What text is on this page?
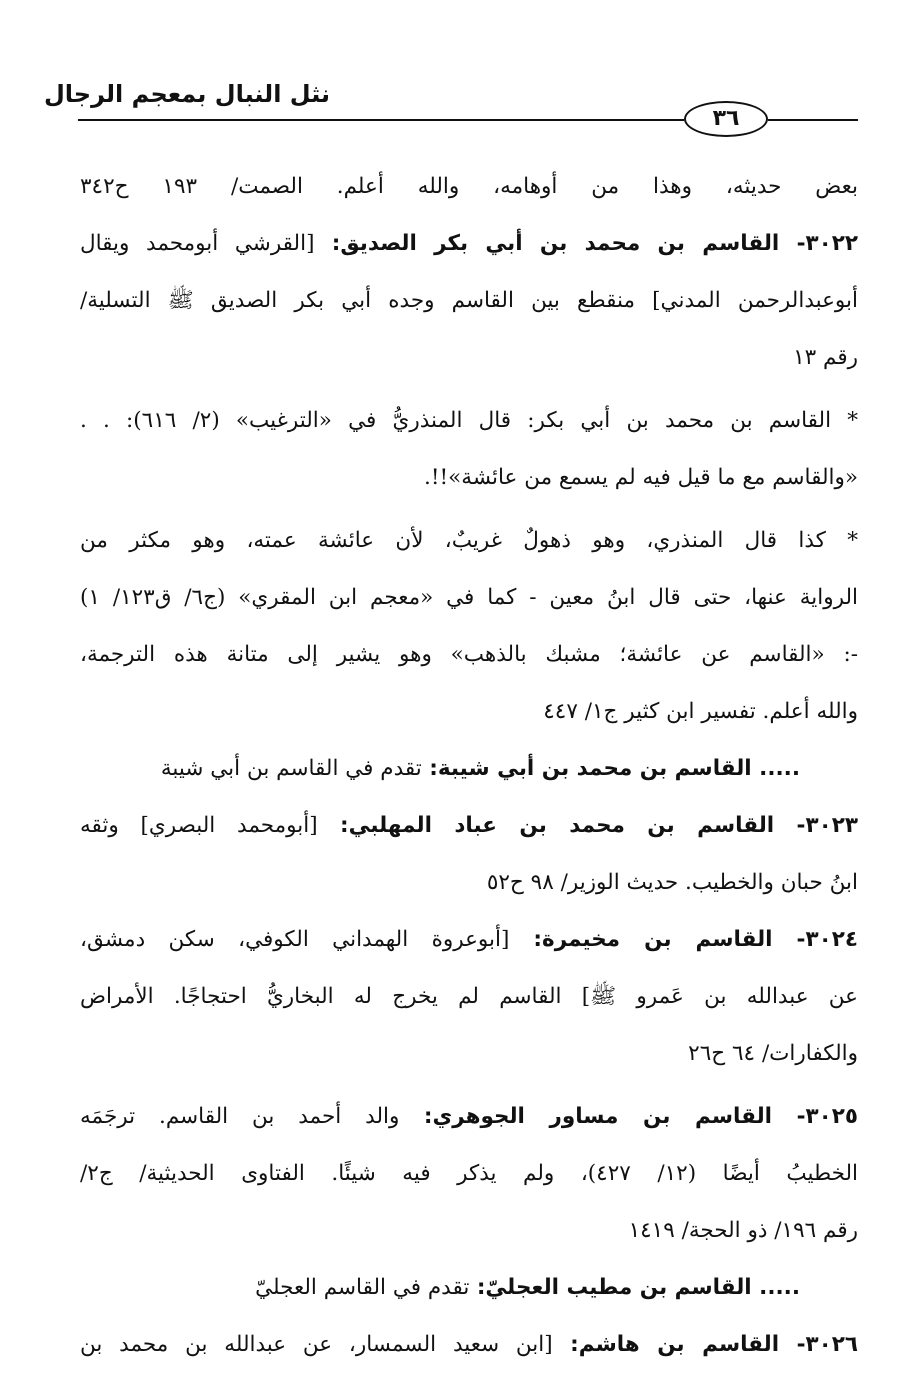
نثل النبال بمعجم الرجال
٣٦
بعض حديثه، وهذا من أوهامه، والله أعلم. الصمت/ ١٩٣ ح٣٤٢
٣٠٢٢- القاسم بن محمد بن أبي بكر الصديق: [القرشي أبومحمد ويقال
أبوعبدالرحمن المدني] منقطع بين القاسم وجده أبي بكر الصديق ﷺ التسلية/
رقم ١٣
* القاسم بن محمد بن أبي بكر: قال المنذريُّ في «الترغيب» (٢/ ٦١٦): . .
«والقاسم مع ما قيل فيه لم يسمع من عائشة»!!.
* كذا قال المنذري، وهو ذهولٌ غريبٌ، لأن عائشة عمته، وهو مكثر من
الرواية عنها، حتى قال ابنُ معين - كما في «معجم ابن المقري» (ج٦/ ق١٢٣/ ١)
-: «القاسم عن عائشة؛ مشبك بالذهب» وهو يشير إلى متانة هذه الترجمة،
والله أعلم. تفسير ابن كثير ج١/ ٤٤٧
..... القاسم بن محمد بن أبي شيبة: تقدم في القاسم بن أبي شيبة
٣٠٢٣- القاسم بن محمد بن عباد المهلبي: [أبومحمد البصري] وثقه
ابنُ حبان والخطيب. حديث الوزير/ ٩٨ ح٥٢
٣٠٢٤- القاسم بن مخيمرة: [أبوعروة الهمداني الكوفي، سكن دمشق،
عن عبدالله بن عَمرو ﷺ] القاسم لم يخرج له البخاريُّ احتجاجًا. الأمراض
والكفارات/ ٦٤ ح٢٦
٣٠٢٥- القاسم بن مساور الجوهري: والد أحمد بن القاسم. ترجَمَه
الخطيبُ أيضًا (١٢/ ٤٢٧)، ولم يذكر فيه شيئًا. الفتاوى الحديثية/ ج٢/
رقم ١٩٦/ ذو الحجة/ ١٤١٩
..... القاسم بن مطيب العجليّ: تقدم في القاسم العجليّ
٣٠٢٦- القاسم بن هاشم: [ابن سعيد السمسار، عن عبدالله بن محمد بن
